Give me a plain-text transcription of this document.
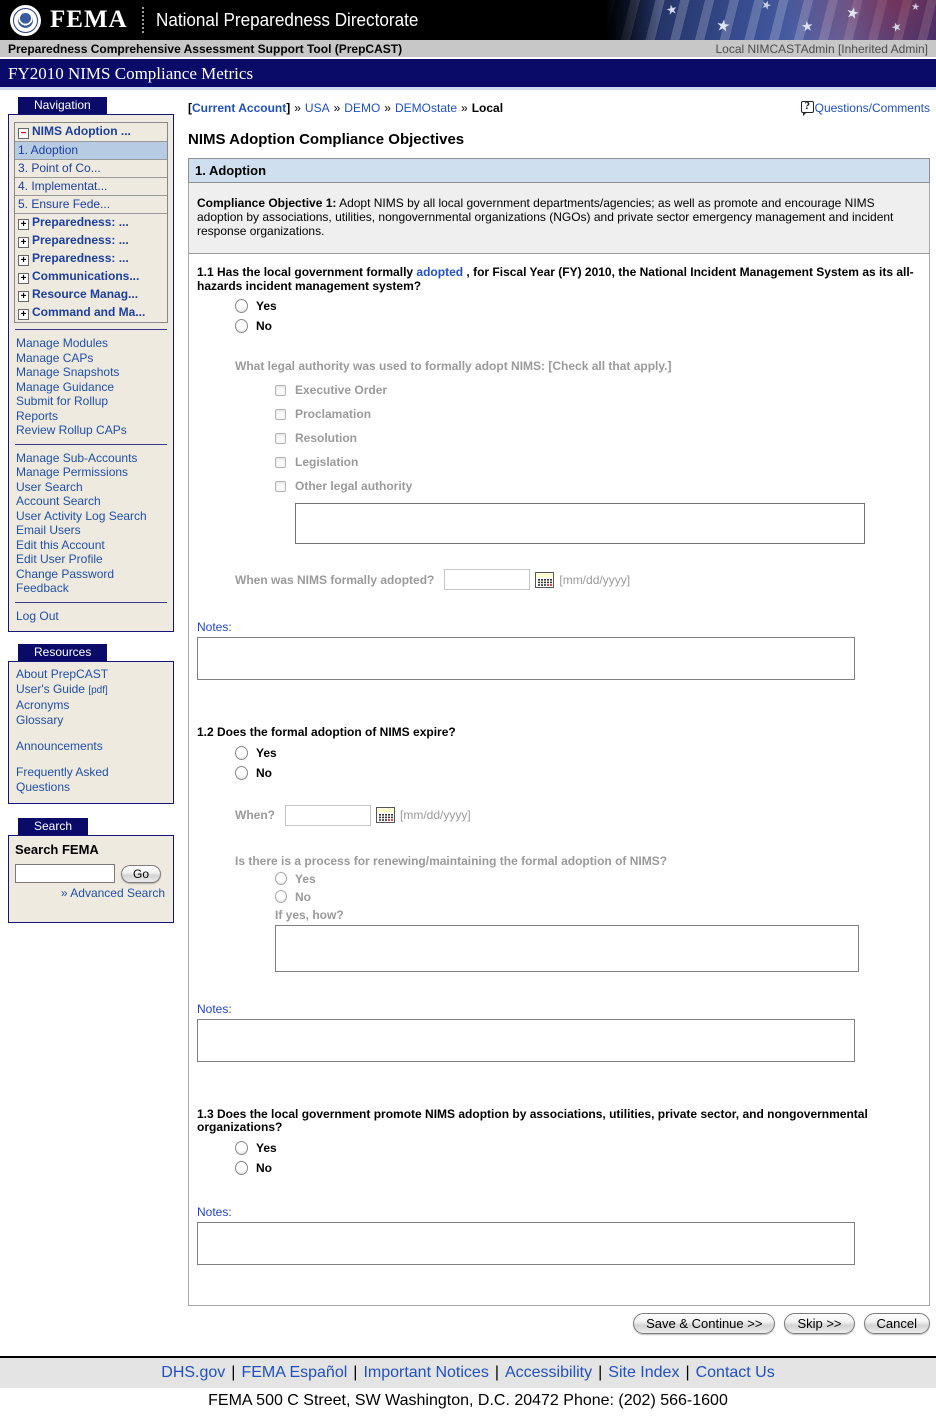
FEMA National Preparedness Directorate
★
★
★
★
★
★
★
Preparedness Comprehensive Assessment Support Tool (PrepCAST)	Local NIMCASTAdmin [Inherited Admin]
FY2010 NIMS Compliance Metrics
Navigation
− NIMS Adoption ...
1. Adoption
3. Point of Co...
4. Implementat...
5. Ensure Fede...
+ Preparedness: ...
+ Preparedness: ...
+ Preparedness: ...
+ Communications...
+ Resource Manag...
+ Command and Ma...
Manage Modules
Manage CAPs
Manage Snapshots
Manage Guidance
Submit for Rollup
Reports
Review Rollup CAPs
Manage Sub-Accounts
Manage Permissions
User Search
Account Search
User Activity Log Search
Email Users
Edit this Account
Edit User Profile
Change Password
Feedback
Log Out
Resources
About PrepCAST
User's Guide [pdf]
Acronyms
Glossary
Announcements
Frequently Asked Questions
Search
Search FEMA
Go
» Advanced Search
[Current Account] » USA » DEMO » DEMOstate » Local ?	Questions/Comments
NIMS Adoption Compliance Objectives
1. Adoption
Compliance Objective 1: Adopt NIMS by all local government departments/agencies; as well as promote and encourage NIMS adoption by associations, utilities, nongovernmental organizations (NGOs) and private sector emergency management and incident response organizations.
1.1 Has the local government formally adopted , for Fiscal Year (FY) 2010, the National Incident Management System as its all-hazards incident management system?
Yes
No
What legal authority was used to formally adopt NIMS: [Check all that apply.]
Executive Order
Proclamation
Resolution
Legislation
Other legal authority
When was NIMS formally adopted?	[mm/dd/yyyy]
Notes:
1.2 Does the formal adoption of NIMS expire?
Yes
No
When?	[mm/dd/yyyy]
Is there is a process for renewing/maintaining the formal adoption of NIMS?
Yes
No
If yes, how?
Notes:
1.3 Does the local government promote NIMS adoption by associations, utilities, private sector, and nongovernmental organizations?
Yes
No
Notes:
Save & Continue >>	Skip >>	Cancel
DHS.gov | FEMA Español | Important Notices | Accessibility | Site Index | Contact Us
FEMA 500 C Street, SW Washington, D.C. 20472 Phone: (202) 566-1600
